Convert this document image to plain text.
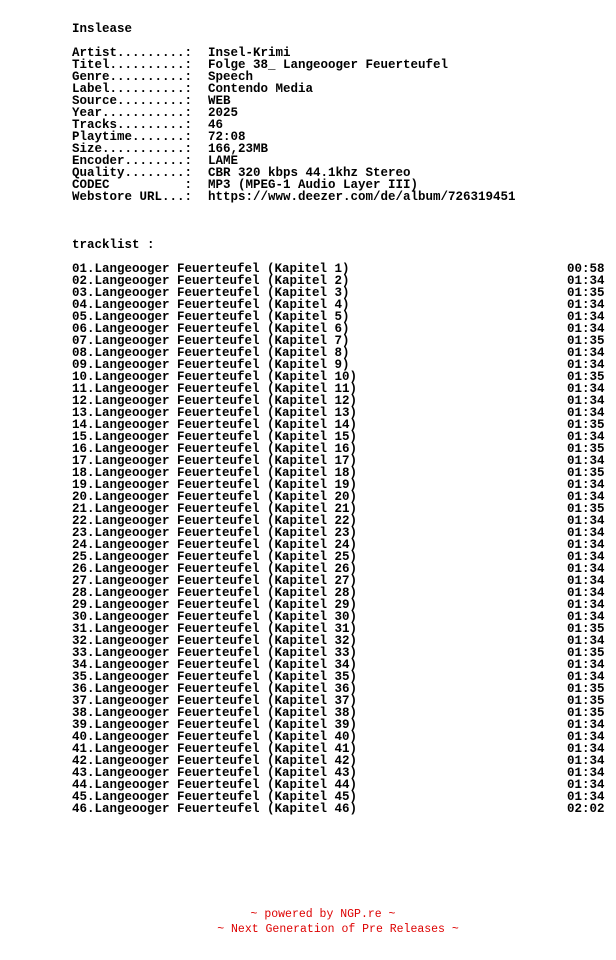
Inslease
Artist.........:	Insel-Krimi
Titel..........:	Folge 38_ Langeooger Feuerteufel
Genre..........:	Speech
Label..........:	Contendo Media
Source.........:	WEB
Year...........:	2025
Tracks.........:	46
Playtime.......:	72:08
Size...........:	166,23MB
Encoder........:	LAME
Quality........:	CBR 320 kbps 44.1khz Stereo
CODEC          :	MP3 (MPEG-1 Audio Layer III)
Webstore URL...:	https://www.deezer.com/de/album/726319451
tracklist :
01.Langeooger Feuerteufel (Kapitel 1)	00:58
02.Langeooger Feuerteufel (Kapitel 2)	01:34
03.Langeooger Feuerteufel (Kapitel 3)	01:35
04.Langeooger Feuerteufel (Kapitel 4)	01:34
05.Langeooger Feuerteufel (Kapitel 5)	01:34
06.Langeooger Feuerteufel (Kapitel 6)	01:34
07.Langeooger Feuerteufel (Kapitel 7)	01:35
08.Langeooger Feuerteufel (Kapitel 8)	01:34
09.Langeooger Feuerteufel (Kapitel 9)	01:34
10.Langeooger Feuerteufel (Kapitel 10)	01:35
11.Langeooger Feuerteufel (Kapitel 11)	01:34
12.Langeooger Feuerteufel (Kapitel 12)	01:34
13.Langeooger Feuerteufel (Kapitel 13)	01:34
14.Langeooger Feuerteufel (Kapitel 14)	01:35
15.Langeooger Feuerteufel (Kapitel 15)	01:34
16.Langeooger Feuerteufel (Kapitel 16)	01:35
17.Langeooger Feuerteufel (Kapitel 17)	01:34
18.Langeooger Feuerteufel (Kapitel 18)	01:35
19.Langeooger Feuerteufel (Kapitel 19)	01:34
20.Langeooger Feuerteufel (Kapitel 20)	01:34
21.Langeooger Feuerteufel (Kapitel 21)	01:35
22.Langeooger Feuerteufel (Kapitel 22)	01:34
23.Langeooger Feuerteufel (Kapitel 23)	01:34
24.Langeooger Feuerteufel (Kapitel 24)	01:34
25.Langeooger Feuerteufel (Kapitel 25)	01:34
26.Langeooger Feuerteufel (Kapitel 26)	01:34
27.Langeooger Feuerteufel (Kapitel 27)	01:34
28.Langeooger Feuerteufel (Kapitel 28)	01:34
29.Langeooger Feuerteufel (Kapitel 29)	01:34
30.Langeooger Feuerteufel (Kapitel 30)	01:34
31.Langeooger Feuerteufel (Kapitel 31)	01:35
32.Langeooger Feuerteufel (Kapitel 32)	01:34
33.Langeooger Feuerteufel (Kapitel 33)	01:35
34.Langeooger Feuerteufel (Kapitel 34)	01:34
35.Langeooger Feuerteufel (Kapitel 35)	01:34
36.Langeooger Feuerteufel (Kapitel 36)	01:35
37.Langeooger Feuerteufel (Kapitel 37)	01:35
38.Langeooger Feuerteufel (Kapitel 38)	01:35
39.Langeooger Feuerteufel (Kapitel 39)	01:34
40.Langeooger Feuerteufel (Kapitel 40)	01:34
41.Langeooger Feuerteufel (Kapitel 41)	01:34
42.Langeooger Feuerteufel (Kapitel 42)	01:34
43.Langeooger Feuerteufel (Kapitel 43)	01:34
44.Langeooger Feuerteufel (Kapitel 44)	01:34
45.Langeooger Feuerteufel (Kapitel 45)	01:34
46.Langeooger Feuerteufel (Kapitel 46)	02:02

~ powered by NGP.re ~

~ Next Generation of Pre Releases ~
